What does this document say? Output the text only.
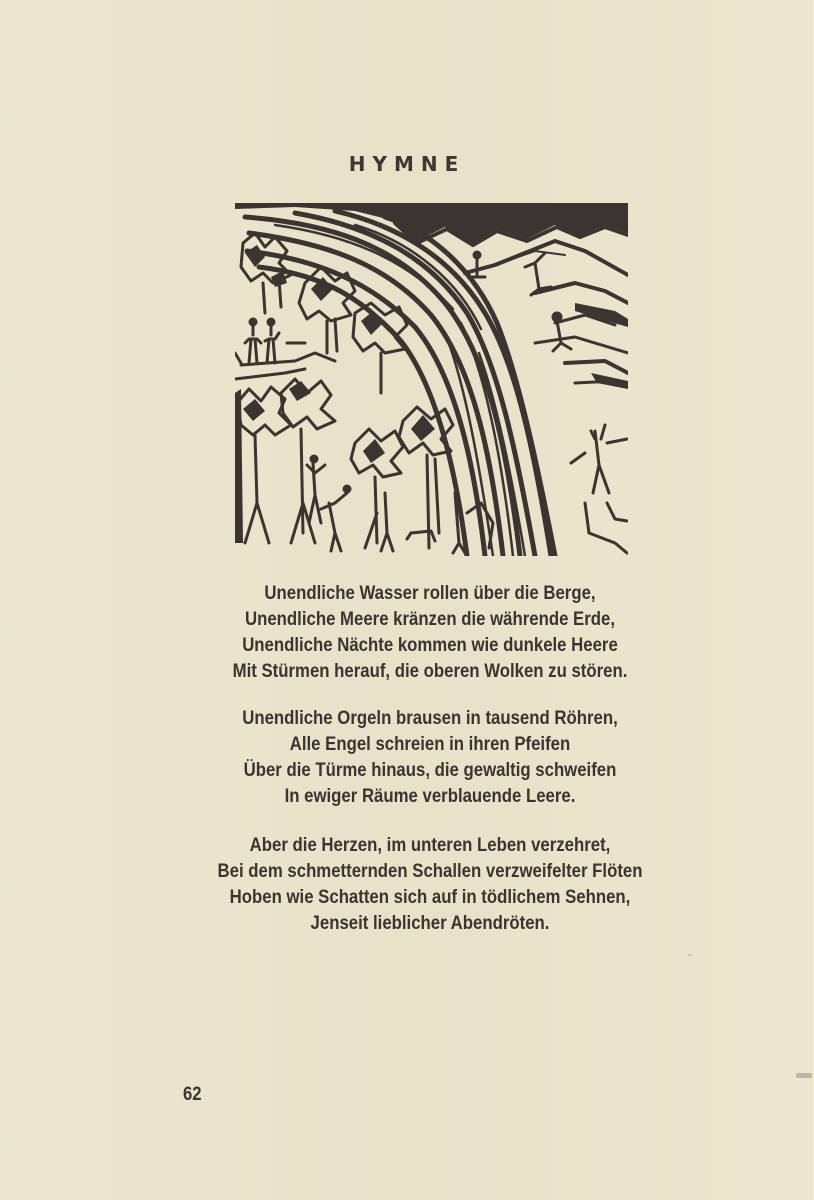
HYMNE
Unendliche Wasser rollen über die Berge,
Unendliche Meere kränzen die währende Erde,
Unendliche Nächte kommen wie dunkele Heere
Mit Stürmen herauf, die oberen Wolken zu stören.
Unendliche Orgeln brausen in tausend Röhren,
Alle Engel schreien in ihren Pfeifen
Über die Türme hinaus, die gewaltig schweifen
In ewiger Räume verblauende Leere.
Aber die Herzen, im unteren Leben verzehret,
Bei dem schmetternden Schallen verzweifelter Flöten
Hoben wie Schatten sich auf in tödlichem Sehnen,
Jenseit lieblicher Abendröten.
62
